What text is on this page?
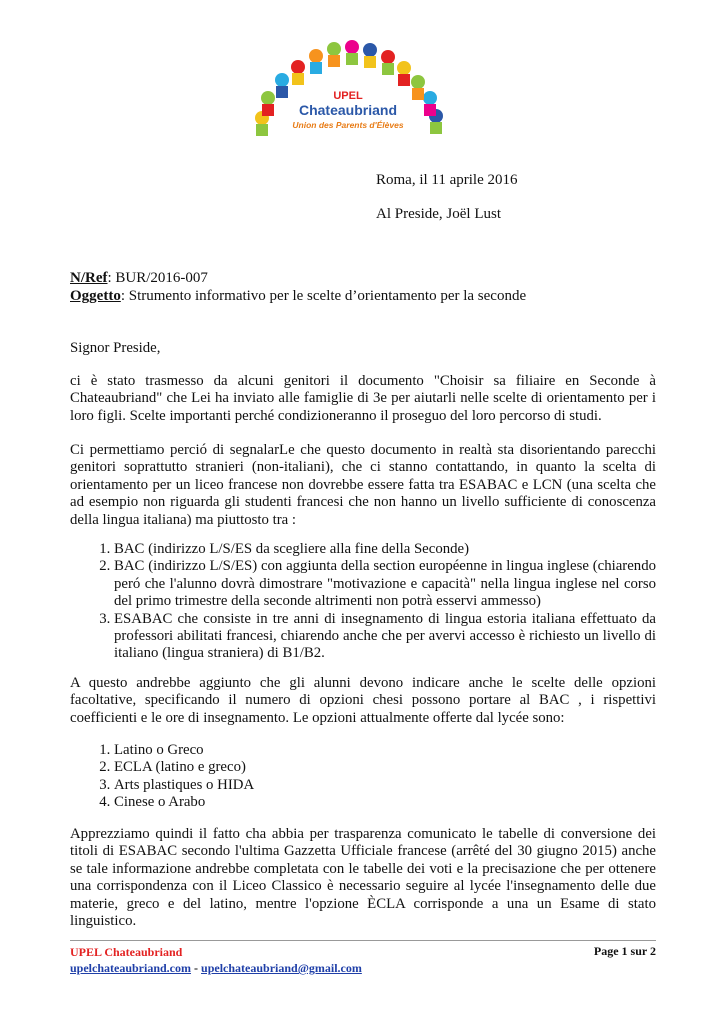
UPEL
Chateaubriand
Union des Parents d'Élèves
Roma, il 11 aprile 2016
Al Preside, Joël Lust
N/Ref: BUR/2016-007
Oggetto: Strumento informativo per le scelte d’orientamento per la seconde
Signor Preside,
ci è stato trasmesso da alcuni genitori il documento "Choisir sa filiaire en Seconde à Chateaubriand" che Lei ha inviato alle famiglie di 3e per aiutarli nelle scelte di orientamento per i loro figli. Scelte importanti perché condizioneranno il proseguo del loro percorso di studi.
Ci permettiamo perció di segnalarLe che questo documento in realtà sta disorientando parecchi genitori soprattutto stranieri (non-italiani), che ci stanno contattando, in quanto la scelta di orientamento per un liceo francese non dovrebbe essere fatta tra ESABAC e LCN (una scelta che ad esempio non riguarda gli studenti francesi che non hanno un livello sufficiente di conoscenza della lingua italiana) ma piuttosto tra :
1. BAC (indirizzo L/S/ES da scegliere alla fine della Seconde)
2. BAC (indirizzo L/S/ES) con aggiunta della section européenne in lingua inglese (chiarendo peró che l'alunno dovrà dimostrare "motivazione e capacità" nella lingua inglese nel corso del primo trimestre della seconde altrimenti non potrà esservi ammesso)
3. ESABAC che consiste in tre anni di insegnamento di lingua estoria italiana effettuato da professori abilitati francesi, chiarendo anche che per avervi accesso è richiesto un livello di italiano (lingua straniera) di B1/B2.
A questo andrebbe aggiunto che gli alunni devono indicare anche le scelte delle opzioni facoltative, specificando il numero di opzioni chesi possono portare al BAC , i rispettivi coefficienti e le ore di insegnamento. Le opzioni attualmente offerte dal lycée sono:
1. Latino o Greco
2. ECLA (latino e greco)
3. Arts plastiques o HIDA
4. Cinese o Arabo
Apprezziamo quindi il fatto cha abbia per trasparenza comunicato le tabelle di conversione dei titoli di ESABAC secondo l'ultima Gazzetta Ufficiale francese (arrêté del 30 giugno 2015) anche se tale informazione andrebbe completata con le tabelle dei voti e la precisazione che per ottenere una corrispondenza con il Liceo Classico è necessario seguire al lycée l'insegnamento delle due materie, greco e del latino, mentre l'opzione ÈCLA corrisponde a una un Esame di stato linguistico.
UPEL Chateaubriand
upelchateaubriand.com - upelchateaubriand@gmail.com
Page 1 sur 2
